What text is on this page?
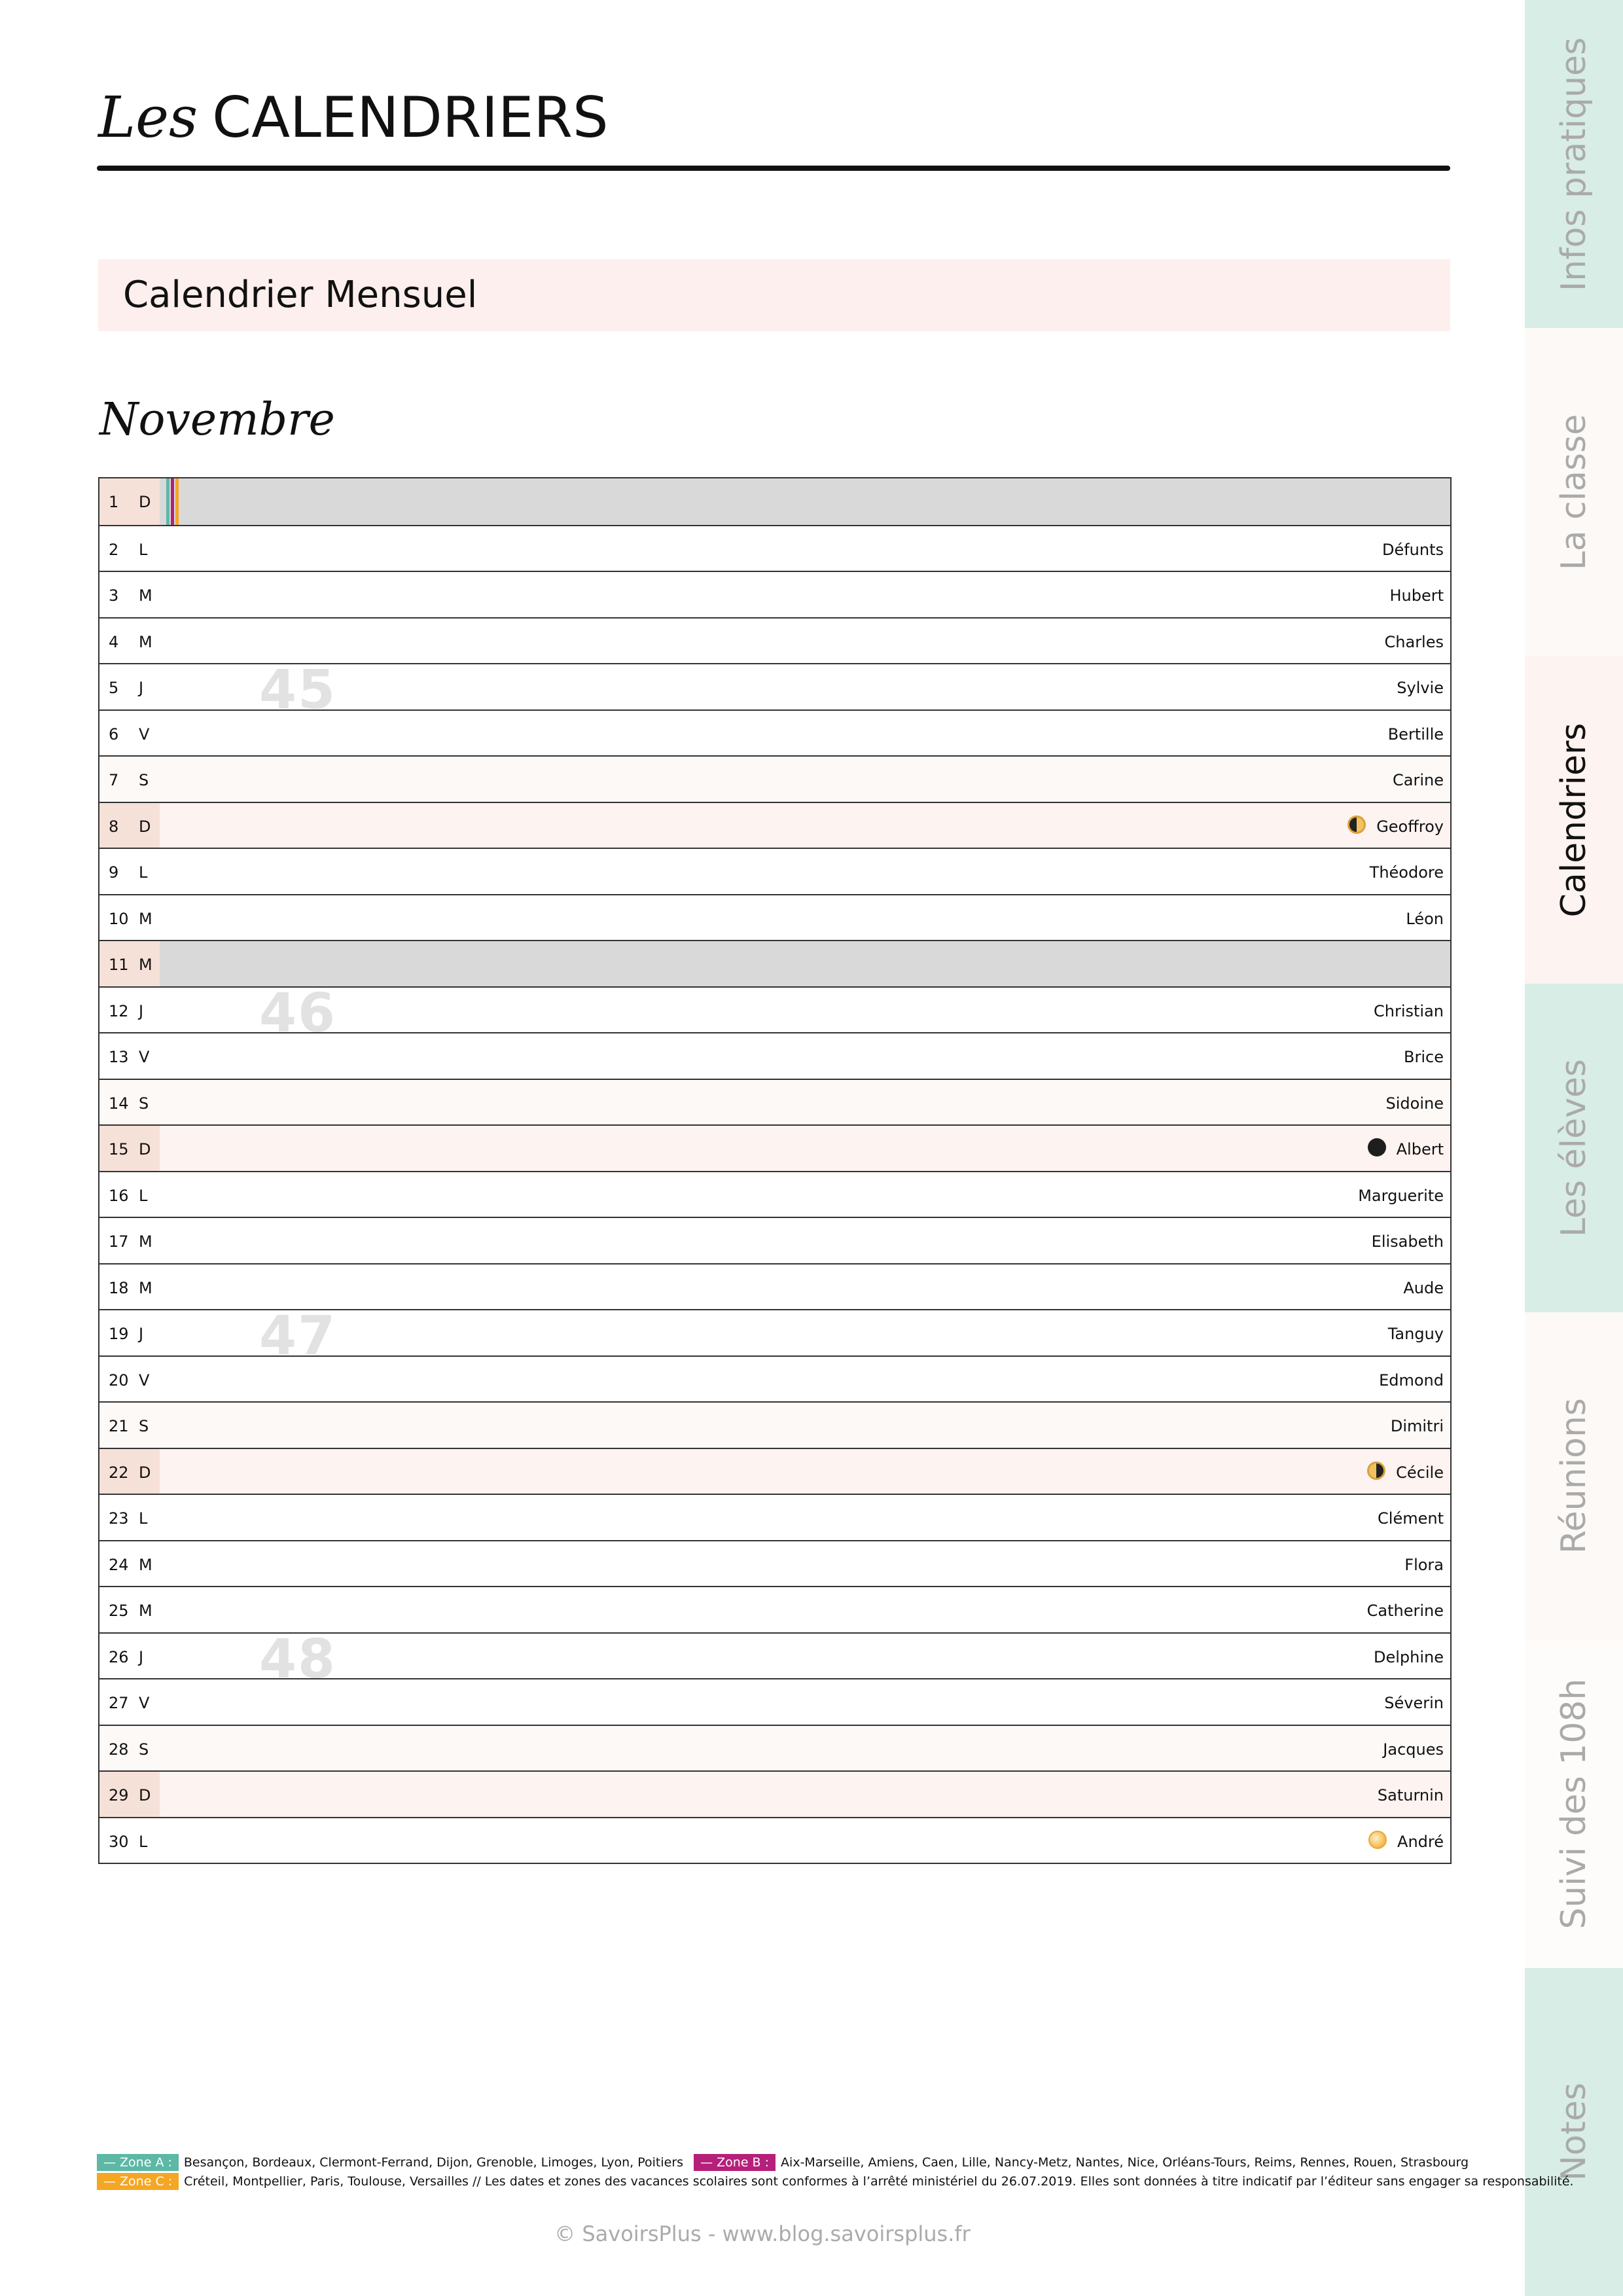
Les CALENDRIERS
Calendrier Mensuel
Novembre
1 D
2 L	Défunts
3 M	Hubert
4 M	Charles
5 J	Sylvie
6 V	Bertille
7 S	Carine
8 D	Geoffroy
9 L	Théodore
10 M	Léon
11 M
12 J	Christian
13 V	Brice
14 S	Sidoine
15 D	Albert
16 L	Marguerite
17 M	Elisabeth
18 M	Aude
19 J	Tanguy
20 V	Edmond
21 S	Dimitri
22 D	Cécile
23 L	Clément
24 M	Flora
25 M	Catherine
26 J	Delphine
27 V	Séverin
28 S	Jacques
29 D	Saturnin
30 L	André
Infos pratiques
La classe
Calendriers
Les élèves
Réunions
Suivi des 108h
Notes
— Zone A : Besançon, Bordeaux, Clermont-Ferrand, Dijon, Grenoble, Limoges, Lyon, Poitiers — Zone B : Aix-Marseille, Amiens, Caen, Lille, Nancy-Metz, Nantes, Nice, Orléans-Tours, Reims, Rennes, Rouen, Strasbourg
— Zone C : Créteil, Montpellier, Paris, Toulouse, Versailles // Les dates et zones des vacances scolaires sont conformes à l’arrêté ministériel du 26.07.2019. Elles sont données à titre indicatif par l’éditeur sans engager sa responsabilité.
© SavoirsPlus - www.blog.savoirsplus.fr
45
46
47
48
